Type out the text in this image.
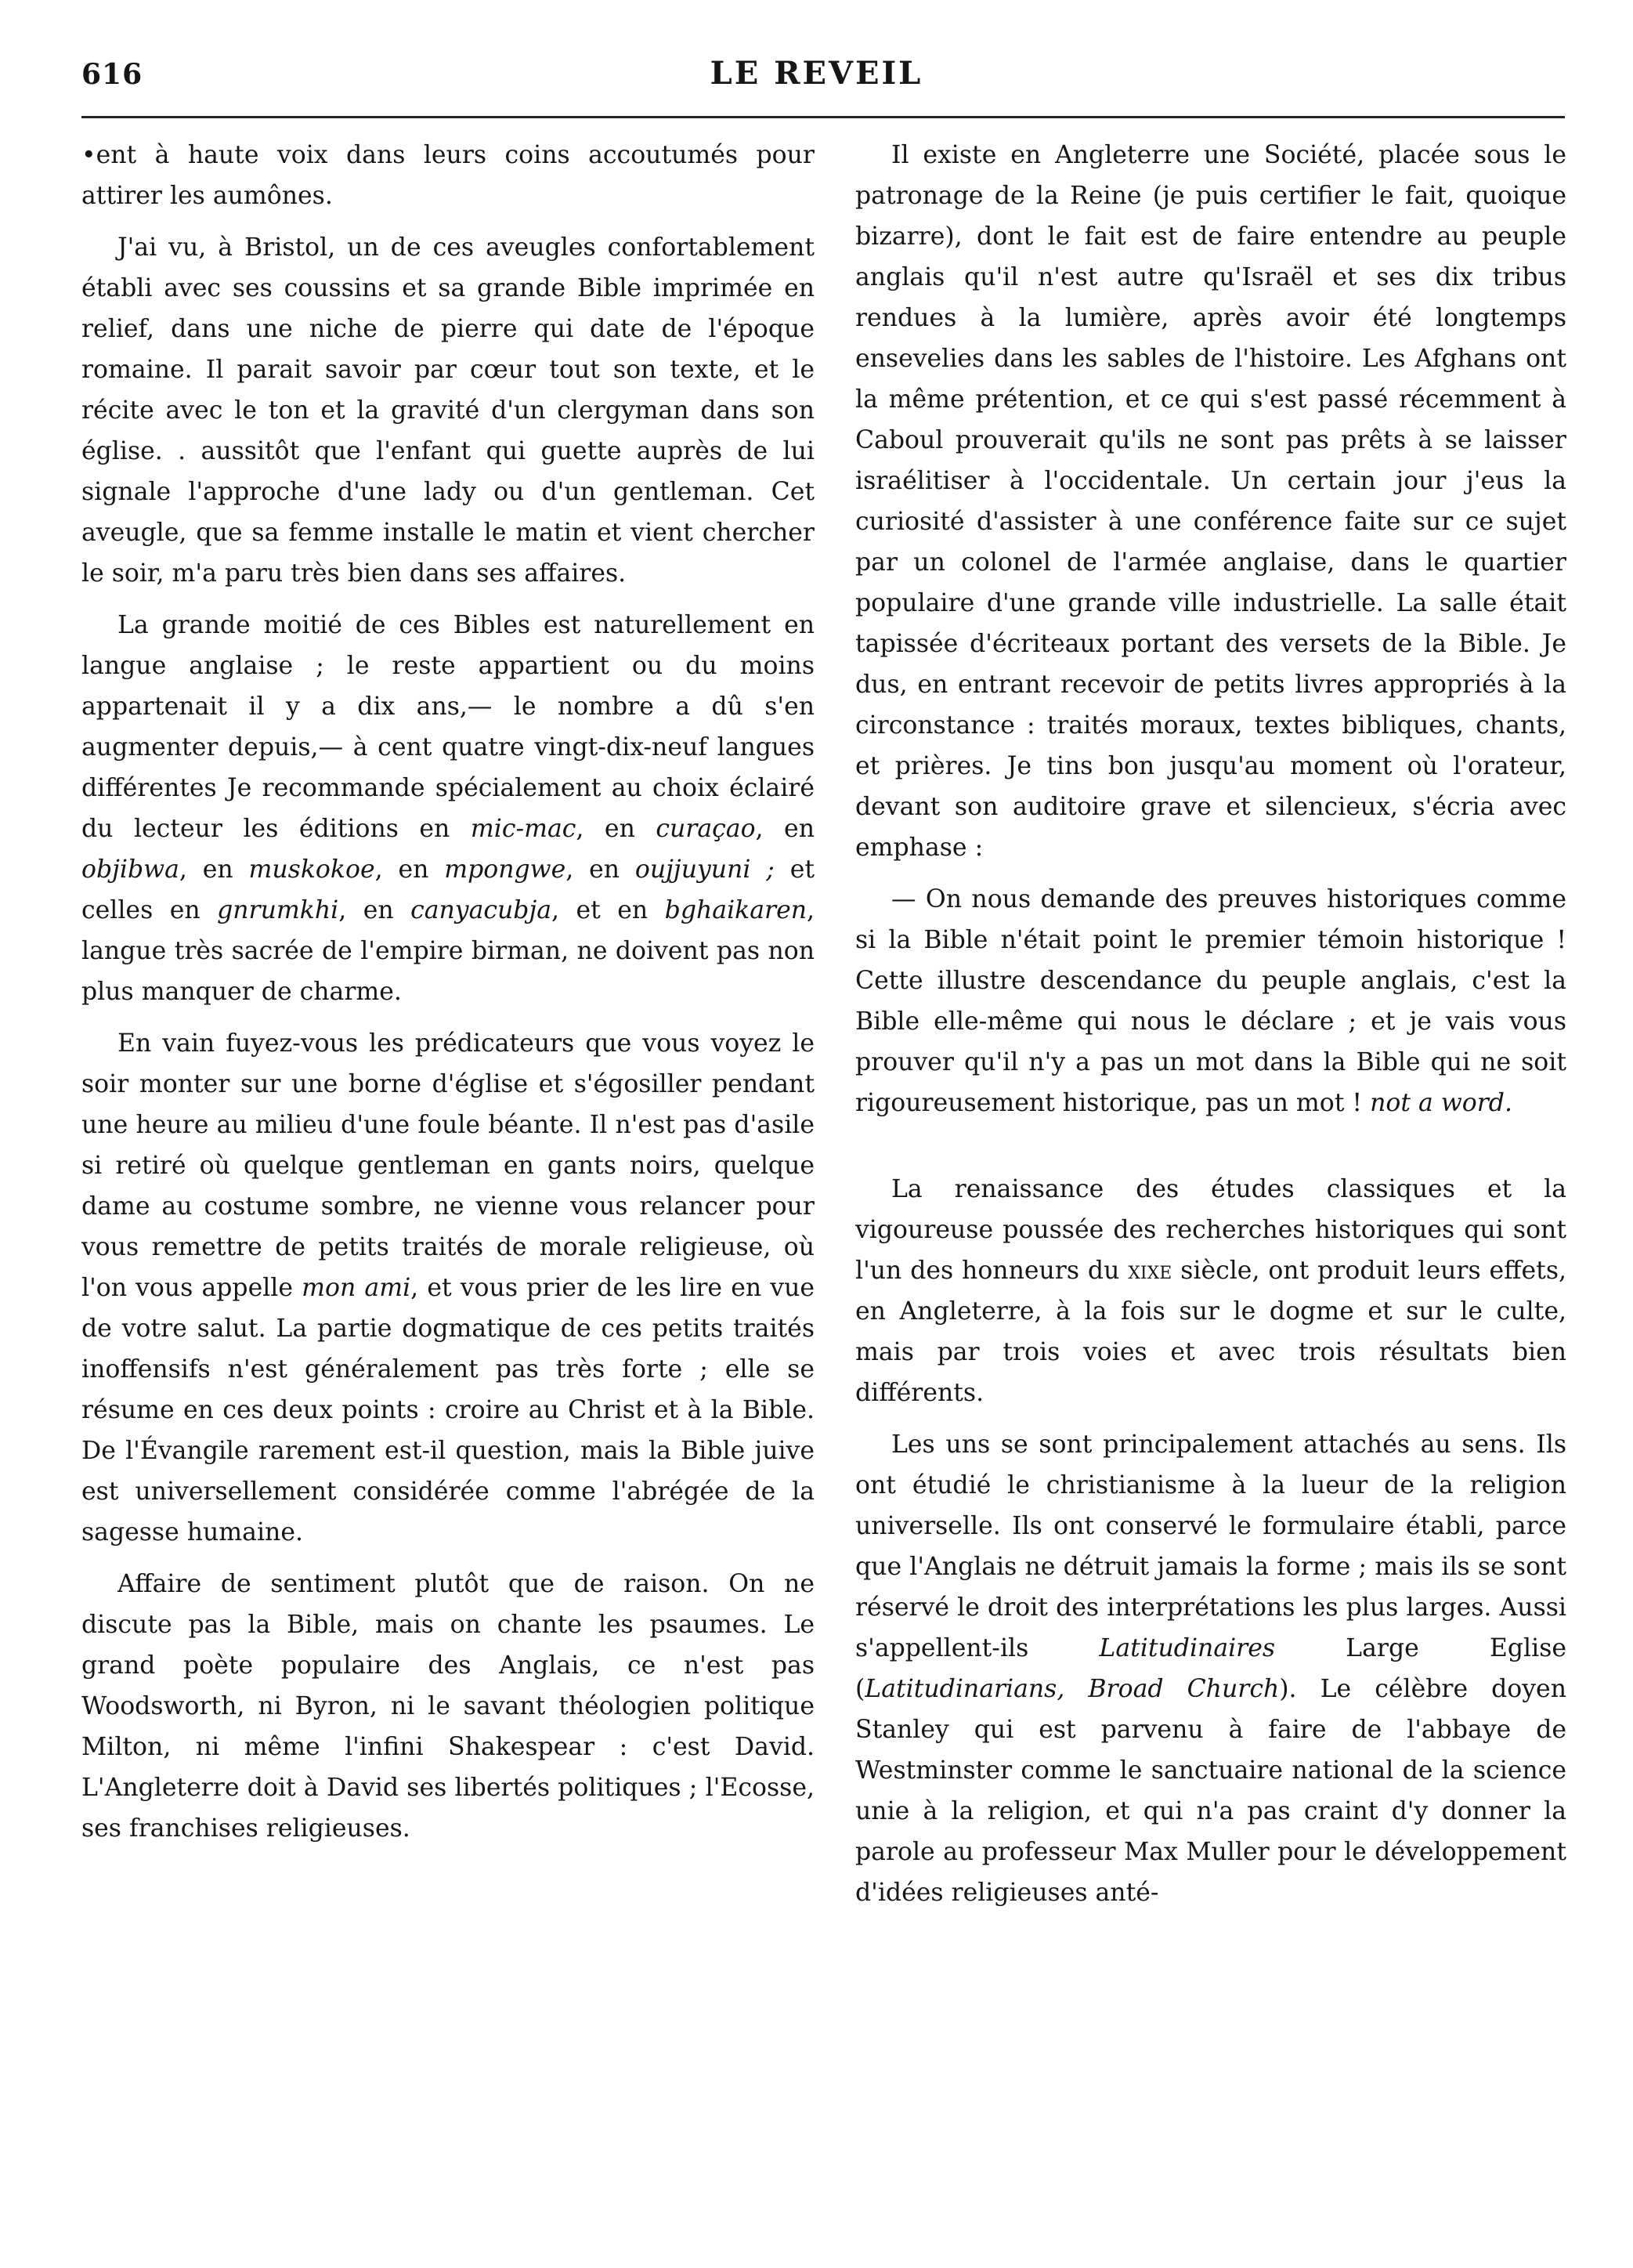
616	LE REVEIL

•ent à haute voix dans leurs coins accoutumés pour attirer les aumônes.

J'ai vu, à Bristol, un de ces aveugles confortablement établi avec ses coussins et sa grande Bible imprimée en relief, dans une niche de pierre qui date de l'époque romaine. Il parait savoir par cœur tout son texte, et le récite avec le ton et la gravité d'un clergyman dans son église. . aussitôt que l'enfant qui guette auprès de lui signale l'approche d'une lady ou d'un gentleman. Cet aveugle, que sa femme installe le matin et vient chercher le soir, m'a paru très bien dans ses affaires.

La grande moitié de ces Bibles est naturellement en langue anglaise ; le reste appartient ou du moins appartenait il y a dix ans,— le nombre a dû s'en augmenter depuis,— à cent quatre vingt-dix-neuf langues différentes Je recommande spécialement au choix éclairé du lecteur les éditions en mic-mac, en curaçao, en objibwa, en muskokoe, en mpongwe, en oujjuyuni ; et celles en gnrumkhi, en canyacubja, et en bghaikaren, langue très sacrée de l'empire birman, ne doivent pas non plus manquer de charme.

En vain fuyez-vous les prédicateurs que vous voyez le soir monter sur une borne d'église et s'égosiller pendant une heure au milieu d'une foule béante. Il n'est pas d'asile si retiré où quelque gentleman en gants noirs, quelque dame au costume sombre, ne vienne vous relancer pour vous remettre de petits traités de morale religieuse, où l'on vous appelle mon ami, et vous prier de les lire en vue de votre salut. La partie dogmatique de ces petits traités inoffensifs n'est généralement pas très forte ; elle se résume en ces deux points : croire au Christ et à la Bible. De l'Évangile rarement est-il question, mais la Bible juive est universellement considérée comme l'abrégée de la sagesse humaine.

Affaire de sentiment plutôt que de raison. On ne discute pas la Bible, mais on chante les psaumes. Le grand poète populaire des Anglais, ce n'est pas Woodsworth, ni Byron, ni le savant théologien politique Milton, ni même l'infini Shakespear : c'est David. L'Angleterre doit à David ses libertés politiques ; l'Ecosse, ses franchises religieuses.

Il existe en Angleterre une Société, placée sous le patronage de la Reine (je puis certifier le fait, quoique bizarre), dont le fait est de faire entendre au peuple anglais qu'il n'est autre qu'Israël et ses dix tribus rendues à la lumière, après avoir été longtemps ensevelies dans les sables de l'histoire. Les Afghans ont la même prétention, et ce qui s'est passé récemment à Caboul prouverait qu'ils ne sont pas prêts à se laisser israélitiser à l'occidentale. Un certain jour j'eus la curiosité d'assister à une conférence faite sur ce sujet par un colonel de l'armée anglaise, dans le quartier populaire d'une grande ville industrielle. La salle était tapissée d'écriteaux portant des versets de la Bible. Je dus, en entrant recevoir de petits livres appropriés à la circonstance : traités moraux, textes bibliques, chants, et prières. Je tins bon jusqu'au moment où l'orateur, devant son auditoire grave et silencieux, s'écria avec emphase :

— On nous demande des preuves historiques comme si la Bible n'était point le premier témoin historique ! Cette illustre descendance du peuple anglais, c'est la Bible elle-même qui nous le déclare ; et je vais vous prouver qu'il n'y a pas un mot dans la Bible qui ne soit rigoureusement historique, pas un mot ! not a word.

La renaissance des études classiques et la vigoureuse poussée des recherches historiques qui sont l'un des honneurs du xixe siècle, ont produit leurs effets, en Angleterre, à la fois sur le dogme et sur le culte, mais par trois voies et avec trois résultats bien différents.

Les uns se sont principalement attachés au sens. Ils ont étudié le christianisme à la lueur de la religion universelle. Ils ont conservé le formulaire établi, parce que l'Anglais ne détruit jamais la forme ; mais ils se sont réservé le droit des interprétations les plus larges. Aussi s'appellent-ils Latitudinaires Large Eglise (Latitudinarians, Broad Church). Le célèbre doyen Stanley qui est parvenu à faire de l'abbaye de Westminster comme le sanctuaire national de la science unie à la religion, et qui n'a pas craint d'y donner la parole au professeur Max Muller pour le développement d'idées religieuses anté-
